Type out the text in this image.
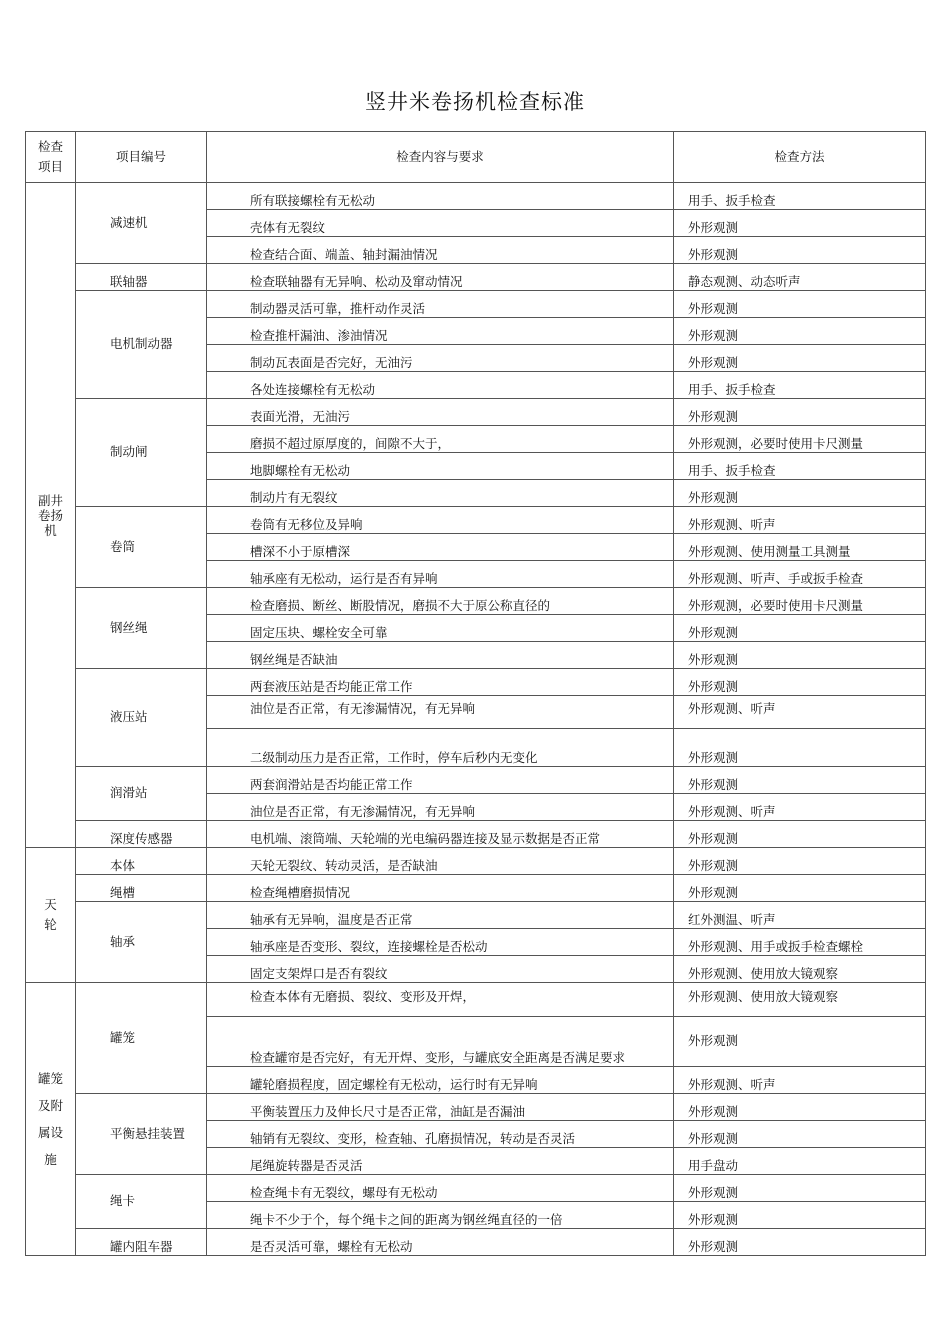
竖井米卷扬机检查标准
检查项目	项目编号	检查内容与要求	检查方法
副井卷扬机	减速机	所有联接螺栓有无松动	用手、扳手检查
		壳体有无裂纹	外形观测
		检查结合面、端盖、轴封漏油情况	外形观测
	联轴器	检查联轴器有无异响、松动及窜动情况	静态观测、动态听声
	电机制动器	制动器灵活可靠，推杆动作灵活	外形观测
		检查推杆漏油、渗油情况	外形观测
		制动瓦表面是否完好，无油污	外形观测
		各处连接螺栓有无松动	用手、扳手检查
	制动闸	表面光滑，无油污	外形观测
		磨损不超过原厚度的，间隙不大于，	外形观测，必要时使用卡尺测量
		地脚螺栓有无松动	用手、扳手检查
		制动片有无裂纹	外形观测
	卷筒	卷筒有无移位及异响	外形观测、听声
		槽深不小于原槽深	外形观测、使用测量工具测量
		轴承座有无松动，运行是否有异响	外形观测、听声、手或扳手检查
	钢丝绳	检查磨损、断丝、断股情况，磨损不大于原公称直径的	外形观测，必要时使用卡尺测量
		固定压块、螺栓安全可靠	外形观测
		钢丝绳是否缺油	外形观测
	液压站	两套液压站是否均能正常工作	外形观测
		油位是否正常，有无渗漏情况，有无异响	外形观测、听声
		二级制动压力是否正常，工作时，停车后秒内无变化	外形观测
	润滑站	两套润滑站是否均能正常工作	外形观测
		油位是否正常，有无渗漏情况，有无异响	外形观测、听声
	深度传感器	电机端、滚筒端、天轮端的光电编码器连接及显示数据是否正常	外形观测
天轮	本体	天轮无裂纹、转动灵活，是否缺油	外形观测
	绳槽	检查绳槽磨损情况	外形观测
	轴承	轴承有无异响，温度是否正常	红外测温、听声
		轴承座是否变形、裂纹，连接螺栓是否松动	外形观测、用手或扳手检查螺栓
		固定支架焊口是否有裂纹	外形观测、使用放大镜观察
罐笼及附属设施	罐笼	检查本体有无磨损、裂纹、变形及开焊，	外形观测、使用放大镜观察
		检查罐帘是否完好，有无开焊、变形，与罐底安全距离是否满足要求	外形观测
		罐轮磨损程度，固定螺栓有无松动，运行时有无异响	外形观测、听声
	平衡悬挂装置	平衡装置压力及伸长尺寸是否正常，油缸是否漏油	外形观测
		轴销有无裂纹、变形，检查轴、孔磨损情况，转动是否灵活	外形观测
		尾绳旋转器是否灵活	用手盘动
	绳卡	检查绳卡有无裂纹，螺母有无松动	外形观测
		绳卡不少于个，每个绳卡之间的距离为钢丝绳直径的一倍	外形观测
	罐内阻车器	是否灵活可靠，螺栓有无松动	外形观测
